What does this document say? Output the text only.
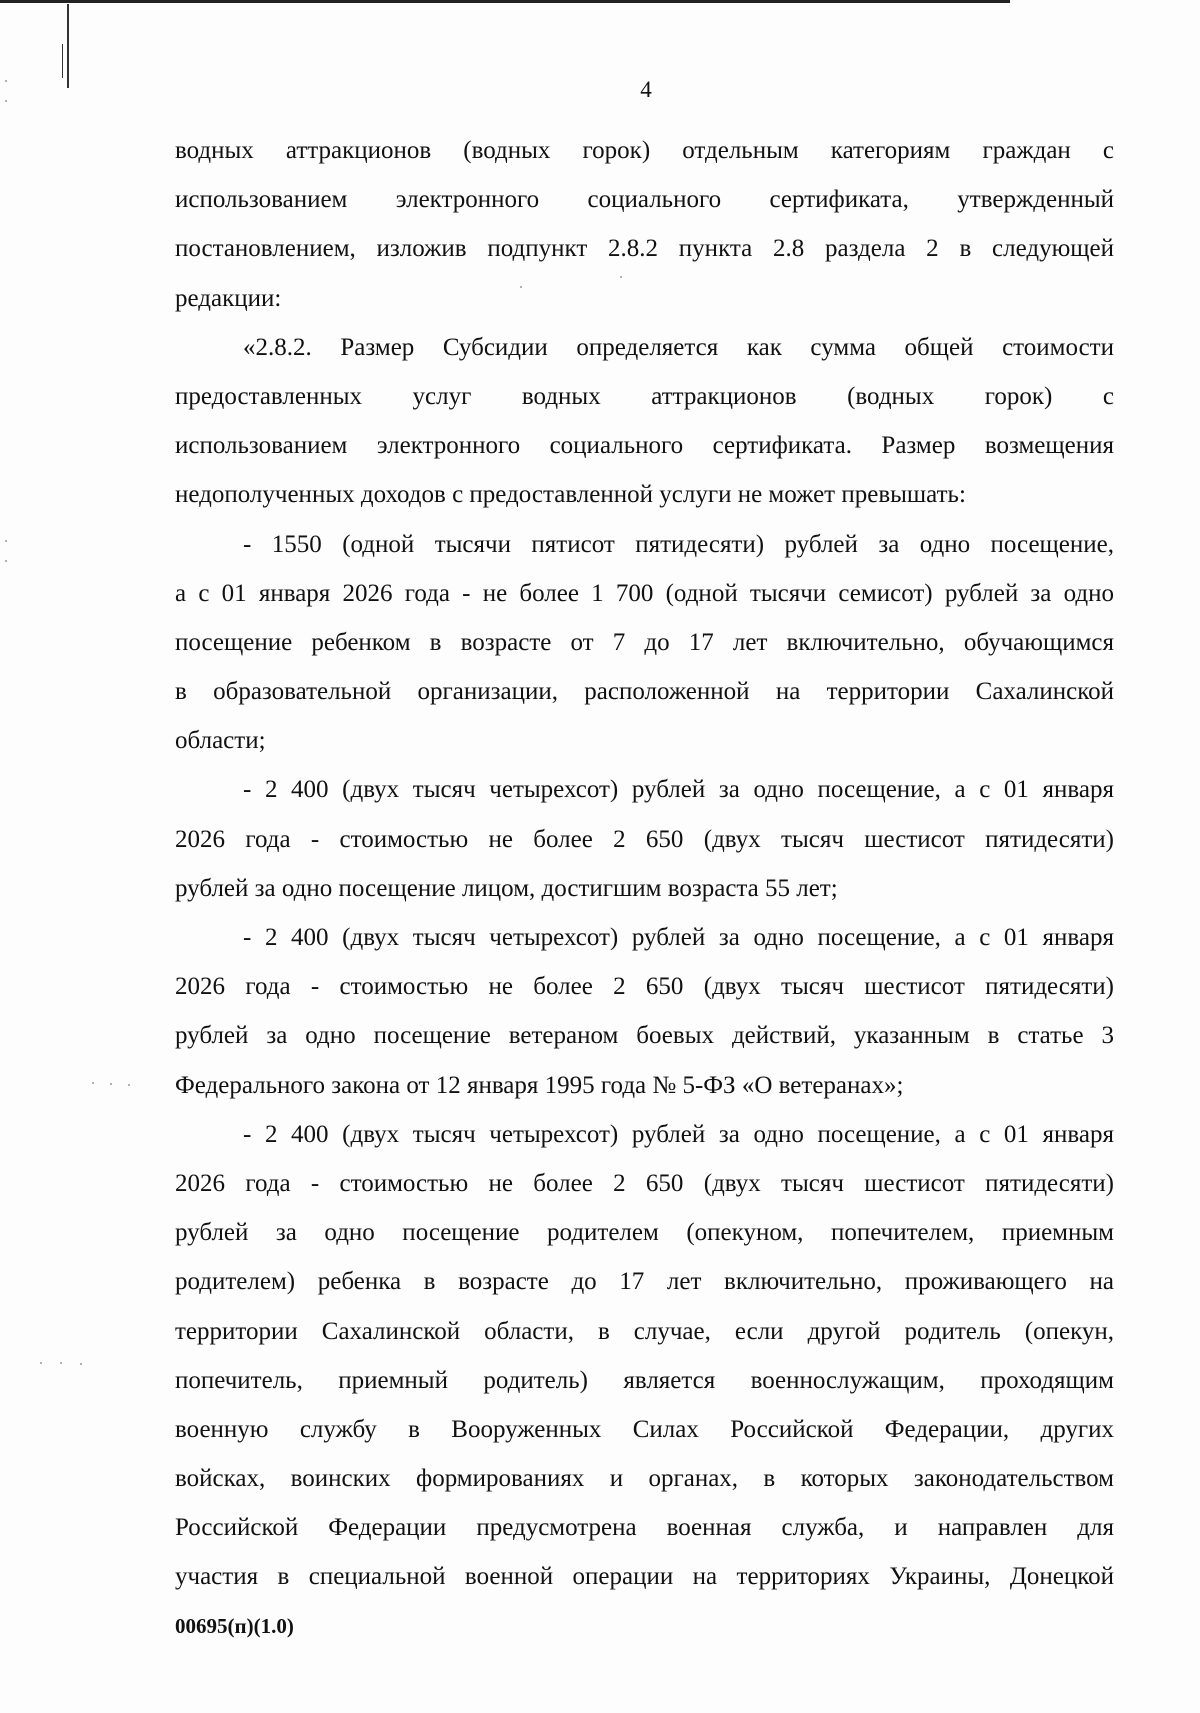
4
водных аттракционов (водных горок) отдельным категориям граждан с
использованием электронного социального сертификата, утвержденный
постановлением, изложив подпункт 2.8.2 пункта 2.8 раздела 2 в следующей
редакции:
«2.8.2. Размер Субсидии определяется как сумма общей стоимости
предоставленных услуг водных аттракционов (водных горок) с
использованием электронного социального сертификата. Размер возмещения
недополученных доходов с предоставленной услуги не может превышать:
- 1550 (одной тысячи пятисот пятидесяти) рублей за одно посещение,
а с 01 января 2026 года - не более 1 700 (одной тысячи семисот) рублей за одно
посещение ребенком в возрасте от 7 до 17 лет включительно, обучающимся
в образовательной организации, расположенной на территории Сахалинской
области;
- 2 400 (двух тысяч четырехсот) рублей за одно посещение, а с 01 января
2026 года - стоимостью не более 2 650 (двух тысяч шестисот пятидесяти)
рублей за одно посещение лицом, достигшим возраста 55 лет;
- 2 400 (двух тысяч четырехсот) рублей за одно посещение, а с 01 января
2026 года - стоимостью не более 2 650 (двух тысяч шестисот пятидесяти)
рублей за одно посещение ветераном боевых действий, указанным в статье 3
Федерального закона от 12 января 1995 года № 5-ФЗ «О ветеранах»;
- 2 400 (двух тысяч четырехсот) рублей за одно посещение, а с 01 января
2026 года - стоимостью не более 2 650 (двух тысяч шестисот пятидесяти)
рублей за одно посещение родителем (опекуном, попечителем, приемным
родителем) ребенка в возрасте до 17 лет включительно, проживающего на
территории Сахалинской области, в случае, если другой родитель (опекун,
попечитель, приемный родитель) является военнослужащим, проходящим
военную службу в Вооруженных Силах Российской Федерации, других
войсках, воинских формированиях и органах, в которых законодательством
Российской Федерации предусмотрена военная служба, и направлен для
участия в специальной военной операции на территориях Украины, Донецкой
00695(п)(1.0)
